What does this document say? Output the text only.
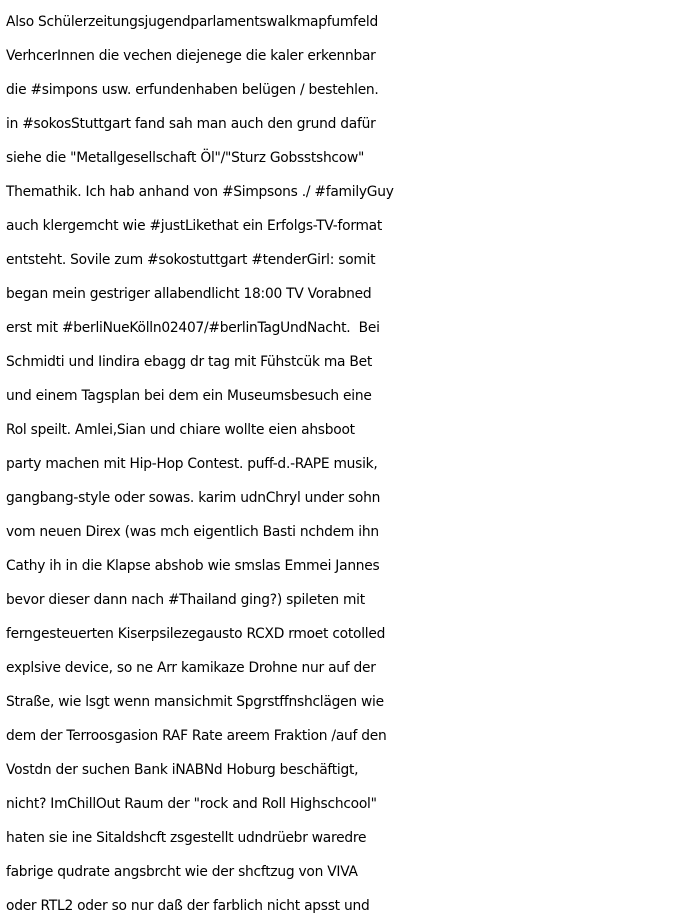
Also Schülerzeitungsjugendparlamentswalkmapfumfeld
VerhcerInnen die vechen diejenege die kaler erkennbar
die #simpons usw. erfundenhaben belügen / bestehlen.
in #sokosStuttgart fand sah man auch den grund dafür
siehe die "Metallgesellschaft Öl"/"Sturz Gobsstshcow"
Themathik. Ich hab anhand von #Simpsons ./ #familyGuy
auch klergemcht wie #justLikethat ein Erfolgs-TV-format
entsteht. Sovile zum #sokostuttgart #tenderGirl: somit
began mein gestriger allabendlicht 18:00 TV Vorabned
erst mit #berliNueKölln02407/#berlinTagUndNacht.  Bei
Schmidti und Iindira ebagg dr tag mit Fühstcük ma Bet
und einem Tagsplan bei dem ein Museumsbesuch eine
Rol speilt. Amlei,Sian und chiare wollte eien ahsboot
party machen mit Hip-Hop Contest. puff-d.-RAPE musik,
gangbang-style oder sowas. karim udnChryl under sohn
vom neuen Direx (was mch eigentlich Basti nchdem ihn
Cathy ih in die Klapse abshob wie smslas Emmei Jannes
bevor dieser dann nach #Thailand ging?) spileten mit
ferngesteuerten Kiserpsilezegausto RCXD rmoet cotolled
explsive device, so ne Arr kamikaze Drohne nur auf der
Straße, wie lsgt wenn mansichmit Spgrstffnshclägen wie
dem der Terroosgasion RAF Rate areem Fraktion /auf den
Vostdn der suchen Bank iNABNd Hoburg beschäftigt,
nicht? ImChillOut Raum der "rock and Roll Highschcool"
haten sie ine Sitaldshcft zsgestellt udndrüebr waredre
fabrige qudrate angsbrcht wie der shcftzug von VIVA
oder RTL2 oder so nur daß der farblich nicht apsst und
